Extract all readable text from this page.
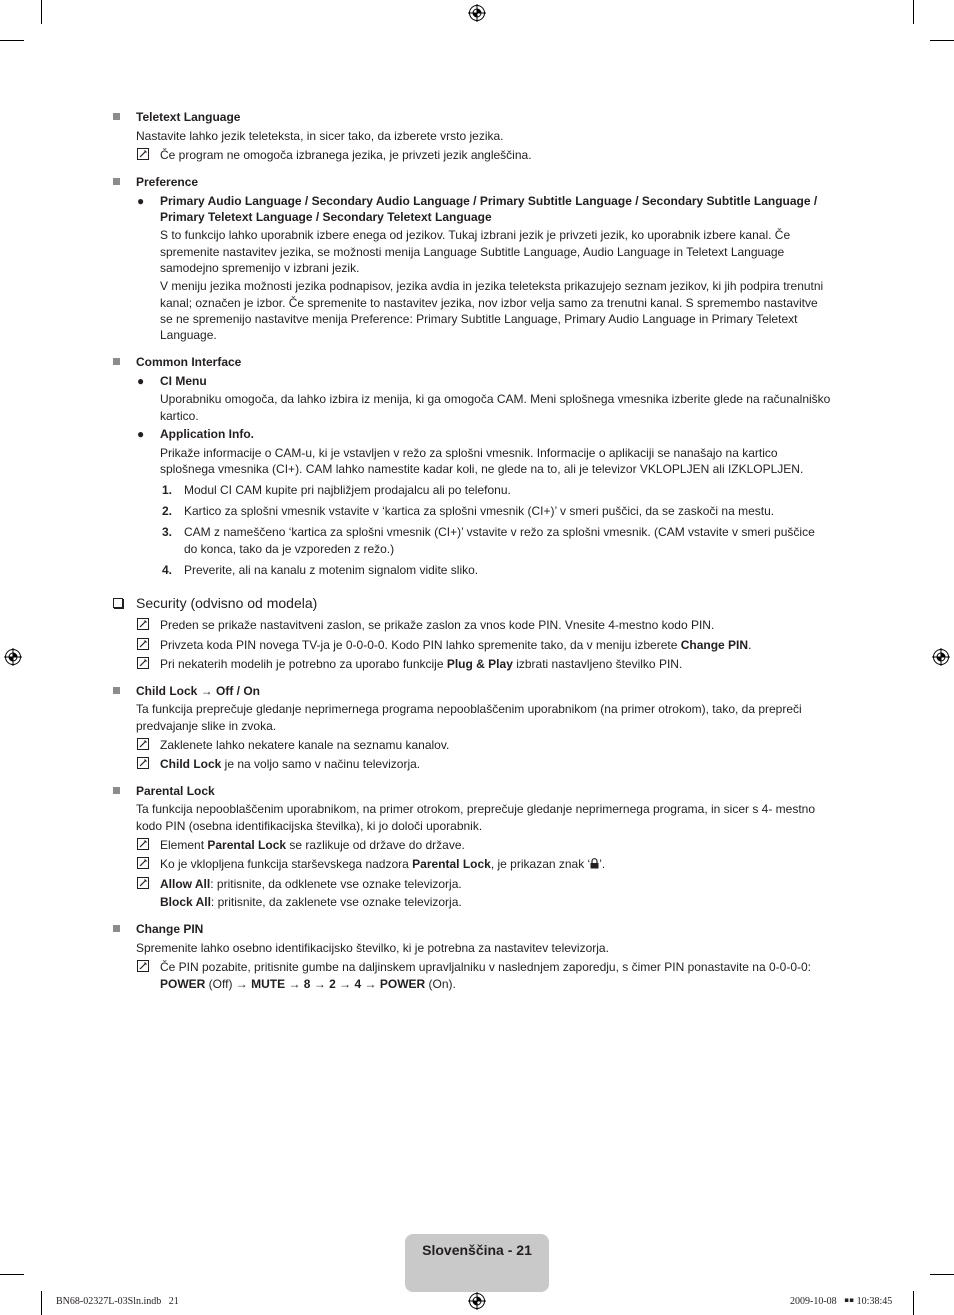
Teletext Language
Nastavite lahko jezik teleteksta, in sicer tako, da izberete vrsto jezika.
Če program ne omogoča izbranega jezika, je privzeti jezik angleščina.
Preference
● Primary Audio Language / Secondary Audio Language / Primary Subtitle Language / Secondary Subtitle Language /
Primary Teletext Language / Secondary Teletext Language
S to funkcijo lahko uporabnik izbere enega od jezikov. Tukaj izbrani jezik je privzeti jezik, ko uporabnik izbere kanal. Če
spremenite nastavitev jezika, se možnosti menija Language Subtitle Language, Audio Language in Teletext Language
samodejno spremenijo v izbrani jezik.
V meniju jezika možnosti jezika podnapisov, jezika avdia in jezika teleteksta prikazujejo seznam jezikov, ki jih podpira trenutni
kanal; označen je izbor. Če spremenite to nastavitev jezika, nov izbor velja samo za trenutni kanal. S spremembo nastavitve
se ne spremenijo nastavitve menija Preference: Primary Subtitle Language, Primary Audio Language in Primary Teletext
Language.
Common Interface
● CI Menu
Uporabniku omogoča, da lahko izbira iz menija, ki ga omogoča CAM. Meni splošnega vmesnika izberite glede na računalniško
kartico.
● Application Info.
Prikaže informacije o CAM-u, ki je vstavljen v režo za splošni vmesnik. Informacije o aplikaciji se nanašajo na kartico
splošnega vmesnika (CI+). CAM lahko namestite kadar koli, ne glede na to, ali je televizor VKLOPLJEN ali IZKLOPLJEN.
1. Modul CI CAM kupite pri najbližjem prodajalcu ali po telefonu.
2. Kartico za splošni vmesnik vstavite v ‘kartica za splošni vmesnik (CI+)’ v smeri puščici, da se zaskoči na mestu.
3. CAM z nameščeno ‘kartica za splošni vmesnik (CI+)’ vstavite v režo za splošni vmesnik. (CAM vstavite v smeri puščice
do konca, tako da je vzporeden z režo.)
4. Preverite, ali na kanalu z motenim signalom vidite sliko.
Security (odvisno od modela)
Preden se prikaže nastavitveni zaslon, se prikaže zaslon za vnos kode PIN. Vnesite 4-mestno kodo PIN.
Privzeta koda PIN novega TV-ja je 0-0-0-0. Kodo PIN lahko spremenite tako, da v meniju izberete Change PIN.
Pri nekaterih modelih je potrebno za uporabo funkcije Plug & Play izbrati nastavljeno številko PIN.
Child Lock → Off / On
Ta funkcija preprečuje gledanje neprimernega programa nepooblaščenim uporabnikom (na primer otrokom), tako, da prepreči
predvajanje slike in zvoka.
Zaklenete lahko nekatere kanale na seznamu kanalov.
Child Lock je na voljo samo v načinu televizorja.
Parental Lock
Ta funkcija nepooblaščenim uporabnikom, na primer otrokom, preprečuje gledanje neprimernega programa, in sicer s 4- mestno
kodo PIN (osebna identifikacijska številka), ki jo določi uporabnik.
Element Parental Lock se razlikuje od države do države.
Ko je vklopljena funkcija starševskega nadzora Parental Lock, je prikazan znak ‘ ’.
Allow All: pritisnite, da odklenete vse oznake televizorja.
Block All: pritisnite, da zaklenete vse oznake televizorja.
Change PIN
Spremenite lahko osebno identifikacijsko številko, ki je potrebna za nastavitev televizorja.
Če PIN pozabite, pritisnite gumbe na daljinskem upravljalniku v naslednjem zaporedju, s čimer PIN ponastavite na 0-0-0-0:
POWER (Off) → MUTE → 8 → 2 → 4 → POWER (On).
Slovenščina - 21
BN68-02327L-03Sln.indb   21	2009-10-08   ￭￭ 10:38:45
